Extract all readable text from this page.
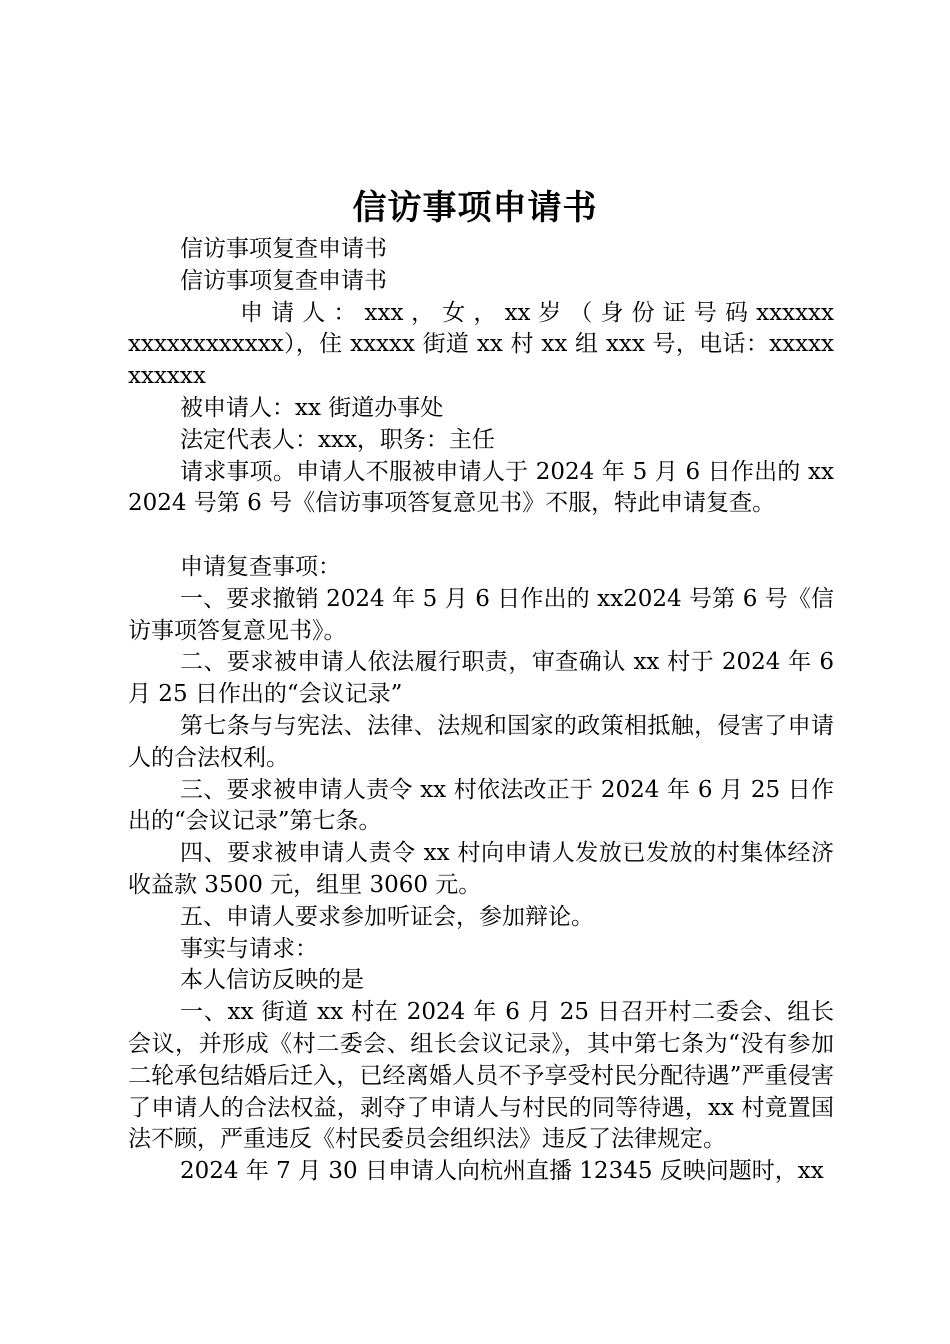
信访事项申请书

信访事项复查申请书

信访事项复查申请书

申 请 人 ： xxx ， 女 ， xx 岁 （ 身 份 证 号 码 xxxxxxxxxxxxxxxxxx），住 xxxxx 街道 xx 村 xx 组 xxx 号，电话：xxxxxxxxxxx

被申请人：xx 街道办事处

法定代表人：xxx，职务：主任

请求事项。申请人不服被申请人于 2024 年 5 月 6 日作出的 xx2024 号第 6 号《信访事项答复意见书》不服，特此申请复查。

申请复查事项：

一、要求撤销 2024 年 5 月 6 日作出的 xx2024 号第 6 号《信访事项答复意见书》。

二、要求被申请人依法履行职责，审查确认 xx 村于 2024 年 6 月 25 日作出的“会议记录”

第七条与与宪法、法律、法规和国家的政策相抵触，侵害了申请人的合法权利。

三、要求被申请人责令 xx 村依法改正于 2024 年 6 月 25 日作出的“会议记录”第七条。

四、要求被申请人责令 xx 村向申请人发放已发放的村集体经济收益款 3500 元，组里 3060 元。

五、申请人要求参加听证会，参加辩论。

事实与请求：

本人信访反映的是

一、xx 街道 xx 村在 2024 年 6 月 25 日召开村二委会、组长会议，并形成《村二委会、组长会议记录》，其中第七条为“没有参加二轮承包结婚后迁入，已经离婚人员不予享受村民分配待遇”严重侵害了申请人的合法权益，剥夺了申请人与村民的同等待遇，xx 村竟置国法不顾，严重违反《村民委员会组织法》违反了法律规定。

2024 年 7 月 30 日申请人向杭州直播 12345 反映问题时，xx
